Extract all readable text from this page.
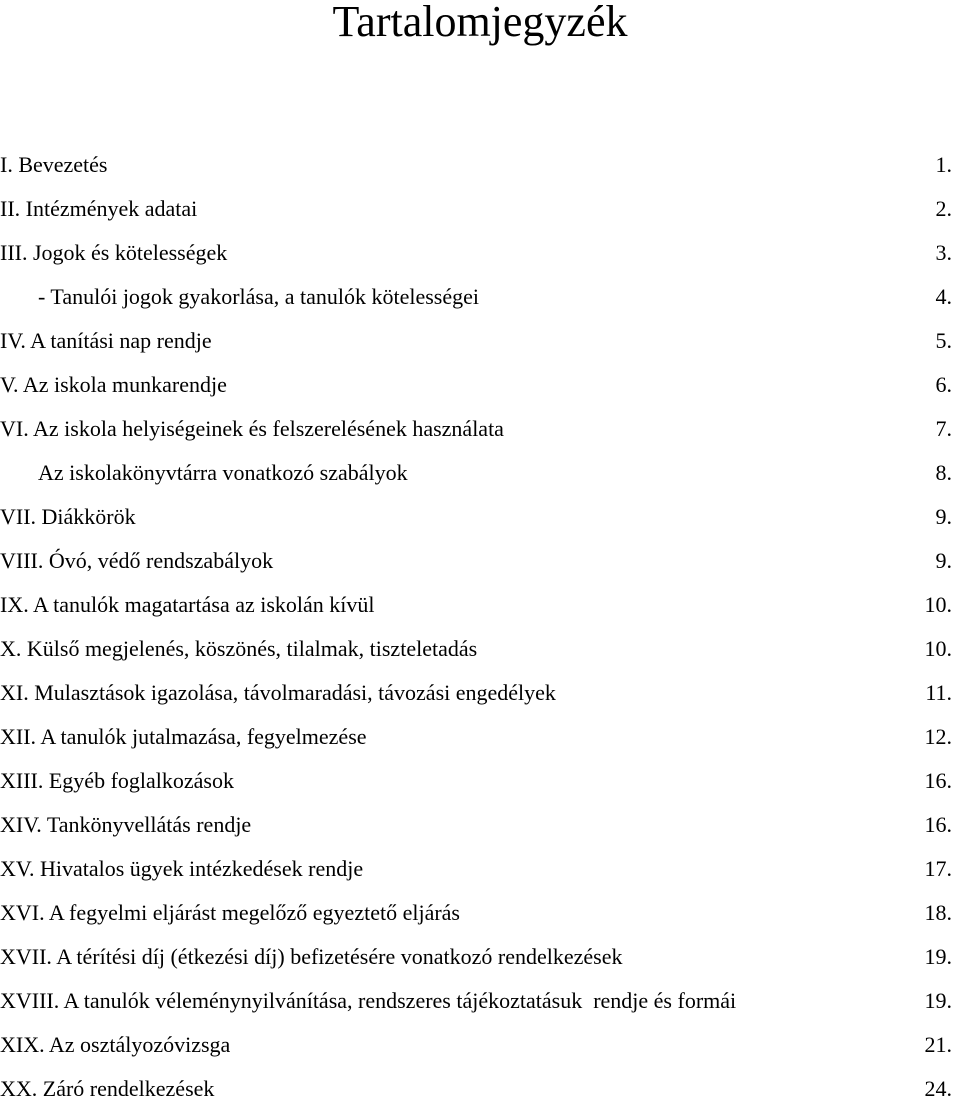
Tartalomjegyzék
I. Bevezetés	1.
II. Intézmények adatai	2.
III. Jogok és kötelességek	3.
- Tanulói jogok gyakorlása, a tanulók kötelességei	4.
IV. A tanítási nap rendje	5.
V. Az iskola munkarendje	6.
VI. Az iskola helyiségeinek és felszerelésének használata	7.
Az iskolakönyvtárra vonatkozó szabályok	8.
VII. Diákkörök	9.
VIII. Óvó, védő rendszabályok	9.
IX. A tanulók magatartása az iskolán kívül	10.
X. Külső megjelenés, köszönés, tilalmak, tiszteletadás	10.
XI. Mulasztások igazolása, távolmaradási, távozási engedélyek	11.
XII. A tanulók jutalmazása, fegyelmezése	12.
XIII. Egyéb foglalkozások	16.
XIV. Tankönyvellátás rendje	16.
XV. Hivatalos ügyek intézkedések rendje	17.
XVI. A fegyelmi eljárást megelőző egyeztető eljárás	18.
XVII. A térítési díj (étkezési díj) befizetésére vonatkozó rendelkezések	19.
XVIII. A tanulók véleménynyilvánítása, rendszeres tájékoztatásuk  rendje és formái	19.
XIX. Az osztályozóvizsga	21.
XX. Záró rendelkezések	24.
